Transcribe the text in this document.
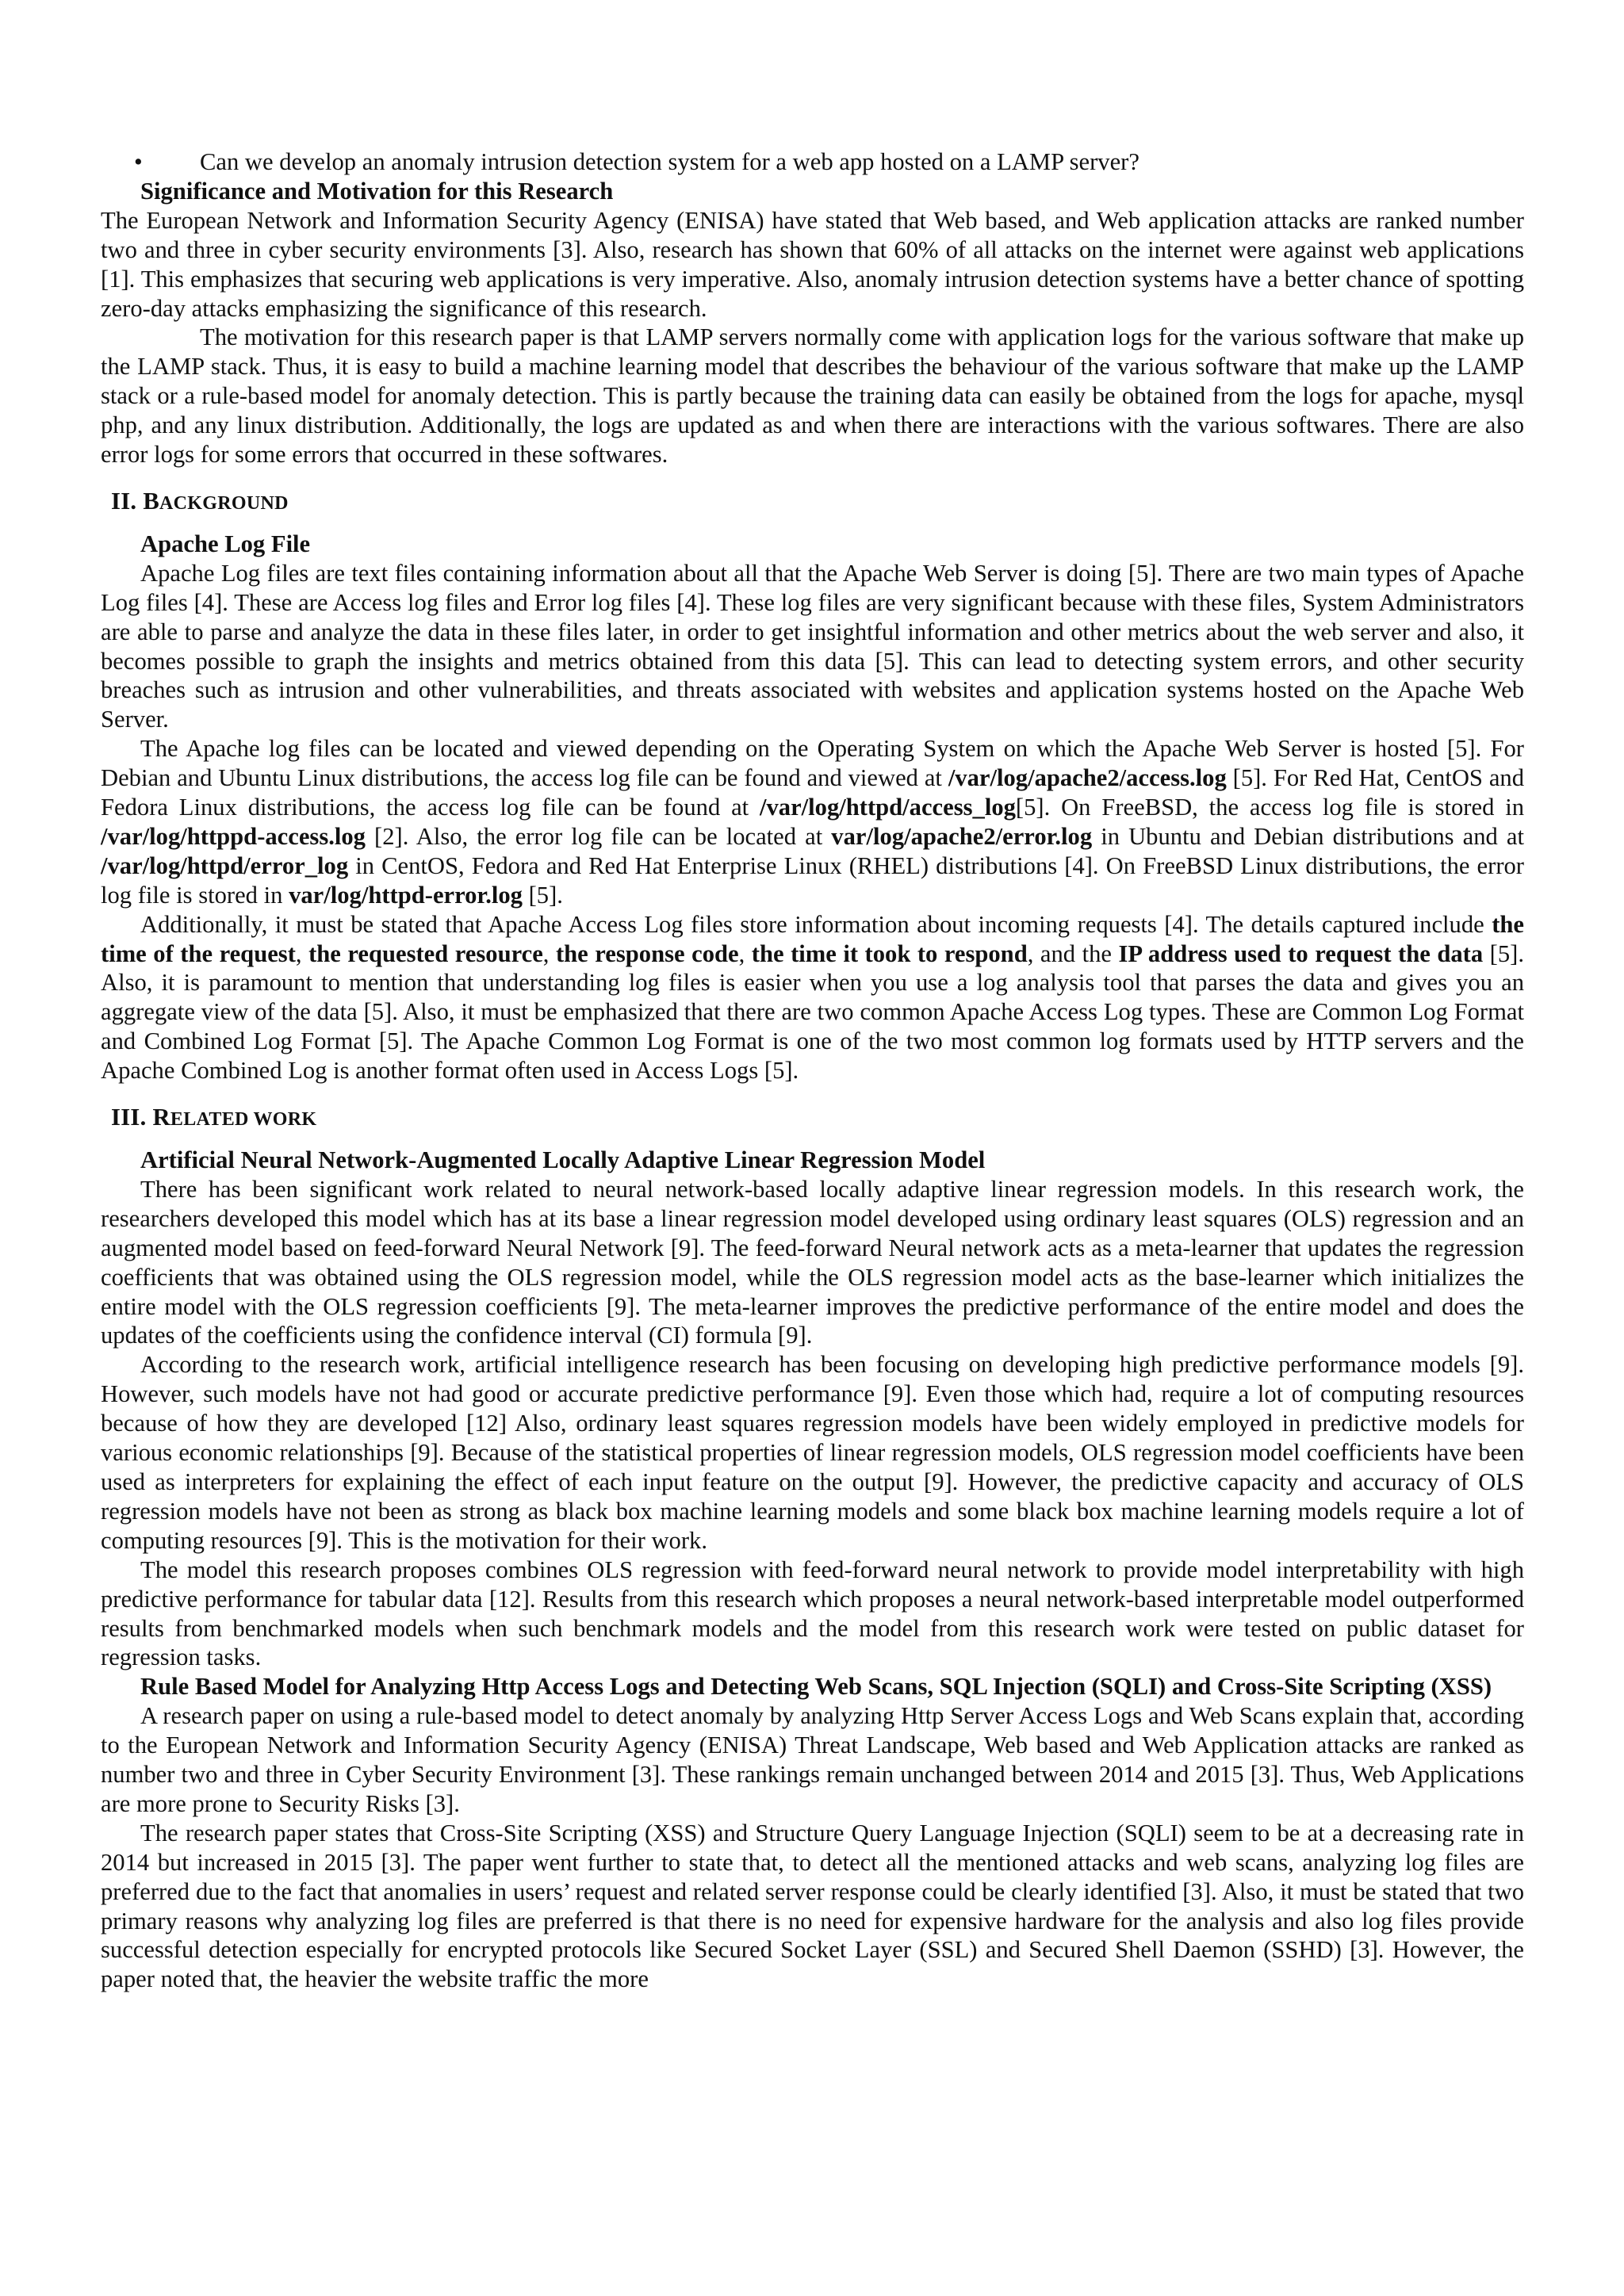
• Can we develop an anomaly intrusion detection system for a web app hosted on a LAMP server?

Significance and Motivation for this Research

The European Network and Information Security Agency (ENISA) have stated that Web based, and Web application attacks are ranked number two and three in cyber security environments [3]. Also, research has shown that 60% of all attacks on the internet were against web applications [1]. This emphasizes that securing web applications is very imperative. Also, anomaly intrusion detection systems have a better chance of spotting zero-day attacks emphasizing the significance of this research.

The motivation for this research paper is that LAMP servers normally come with application logs for the various software that make up the LAMP stack. Thus, it is easy to build a machine learning model that describes the behaviour of the various software that make up the LAMP stack or a rule-based model for anomaly detection. This is partly because the training data can easily be obtained from the logs for apache, mysql php, and any linux distribution. Additionally, the logs are updated as and when there are interactions with the various softwares. There are also error logs for some errors that occurred in these softwares.

II. BACKGROUND

Apache Log File

Apache Log files are text files containing information about all that the Apache Web Server is doing [5]. There are two main types of Apache Log files [4]. These are Access log files and Error log files [4]. These log files are very significant because with these files, System Administrators are able to parse and analyze the data in these files later, in order to get insightful information and other metrics about the web server and also, it becomes possible to graph the insights and metrics obtained from this data [5]. This can lead to detecting system errors, and other security breaches such as intrusion and other vulnerabilities, and threats associated with websites and application systems hosted on the Apache Web Server.

The Apache log files can be located and viewed depending on the Operating System on which the Apache Web Server is hosted [5]. For Debian and Ubuntu Linux distributions, the access log file can be found and viewed at /var/log/apache2/access.log [5]. For Red Hat, CentOS and Fedora Linux distributions, the access log file can be found at /var/log/httpd/access_log[5]. On FreeBSD, the access log file is stored in /var/log/httppd-access.log [2]. Also, the error log file can be located at var/log/apache2/error.log in Ubuntu and Debian distributions and at /var/log/httpd/error_log in CentOS, Fedora and Red Hat Enterprise Linux (RHEL) distributions [4]. On FreeBSD Linux distributions, the error log file is stored in var/log/httpd-error.log [5].

Additionally, it must be stated that Apache Access Log files store information about incoming requests [4]. The details captured include the time of the request, the requested resource, the response code, the time it took to respond, and the IP address used to request the data [5]. Also, it is paramount to mention that understanding log files is easier when you use a log analysis tool that parses the data and gives you an aggregate view of the data [5]. Also, it must be emphasized that there are two common Apache Access Log types. These are Common Log Format and Combined Log Format [5]. The Apache Common Log Format is one of the two most common log formats used by HTTP servers and the Apache Combined Log is another format often used in Access Logs [5].

III. RELATED WORK

Artificial Neural Network-Augmented Locally Adaptive Linear Regression Model

There has been significant work related to neural network-based locally adaptive linear regression models. In this research work, the researchers developed this model which has at its base a linear regression model developed using ordinary least squares (OLS) regression and an augmented model based on feed-forward Neural Network [9]. The feed-forward Neural network acts as a meta-learner that updates the regression coefficients that was obtained using the OLS regression model, while the OLS regression model acts as the base-learner which initializes the entire model with the OLS regression coefficients [9]. The meta-learner improves the predictive performance of the entire model and does the updates of the coefficients using the confidence interval (CI) formula [9].

According to the research work, artificial intelligence research has been focusing on developing high predictive performance models [9]. However, such models have not had good or accurate predictive performance [9]. Even those which had, require a lot of computing resources because of how they are developed [12] Also, ordinary least squares regression models have been widely employed in predictive models for various economic relationships [9]. Because of the statistical properties of linear regression models, OLS regression model coefficients have been used as interpreters for explaining the effect of each input feature on the output [9]. However, the predictive capacity and accuracy of OLS regression models have not been as strong as black box machine learning models and some black box machine learning models require a lot of computing resources [9]. This is the motivation for their work.

The model this research proposes combines OLS regression with feed-forward neural network to provide model interpretability with high predictive performance for tabular data [12]. Results from this research which proposes a neural network-based interpretable model outperformed results from benchmarked models when such benchmark models and the model from this research work were tested on public dataset for regression tasks.

Rule Based Model for Analyzing Http Access Logs and Detecting Web Scans, SQL Injection (SQLI) and Cross-Site Scripting (XSS)

A research paper on using a rule-based model to detect anomaly by analyzing Http Server Access Logs and Web Scans explain that, according to the European Network and Information Security Agency (ENISA) Threat Landscape, Web based and Web Application attacks are ranked as number two and three in Cyber Security Environment [3]. These rankings remain unchanged between 2014 and 2015 [3]. Thus, Web Applications are more prone to Security Risks [3].

The research paper states that Cross-Site Scripting (XSS) and Structure Query Language Injection (SQLI) seem to be at a decreasing rate in 2014 but increased in 2015 [3]. The paper went further to state that, to detect all the mentioned attacks and web scans, analyzing log files are preferred due to the fact that anomalies in users’ request and related server response could be clearly identified [3]. Also, it must be stated that two primary reasons why analyzing log files are preferred is that there is no need for expensive hardware for the analysis and also log files provide successful detection especially for encrypted protocols like Secured Socket Layer (SSL) and Secured Shell Daemon (SSHD) [3]. However, the paper noted that, the heavier the website traffic the more
